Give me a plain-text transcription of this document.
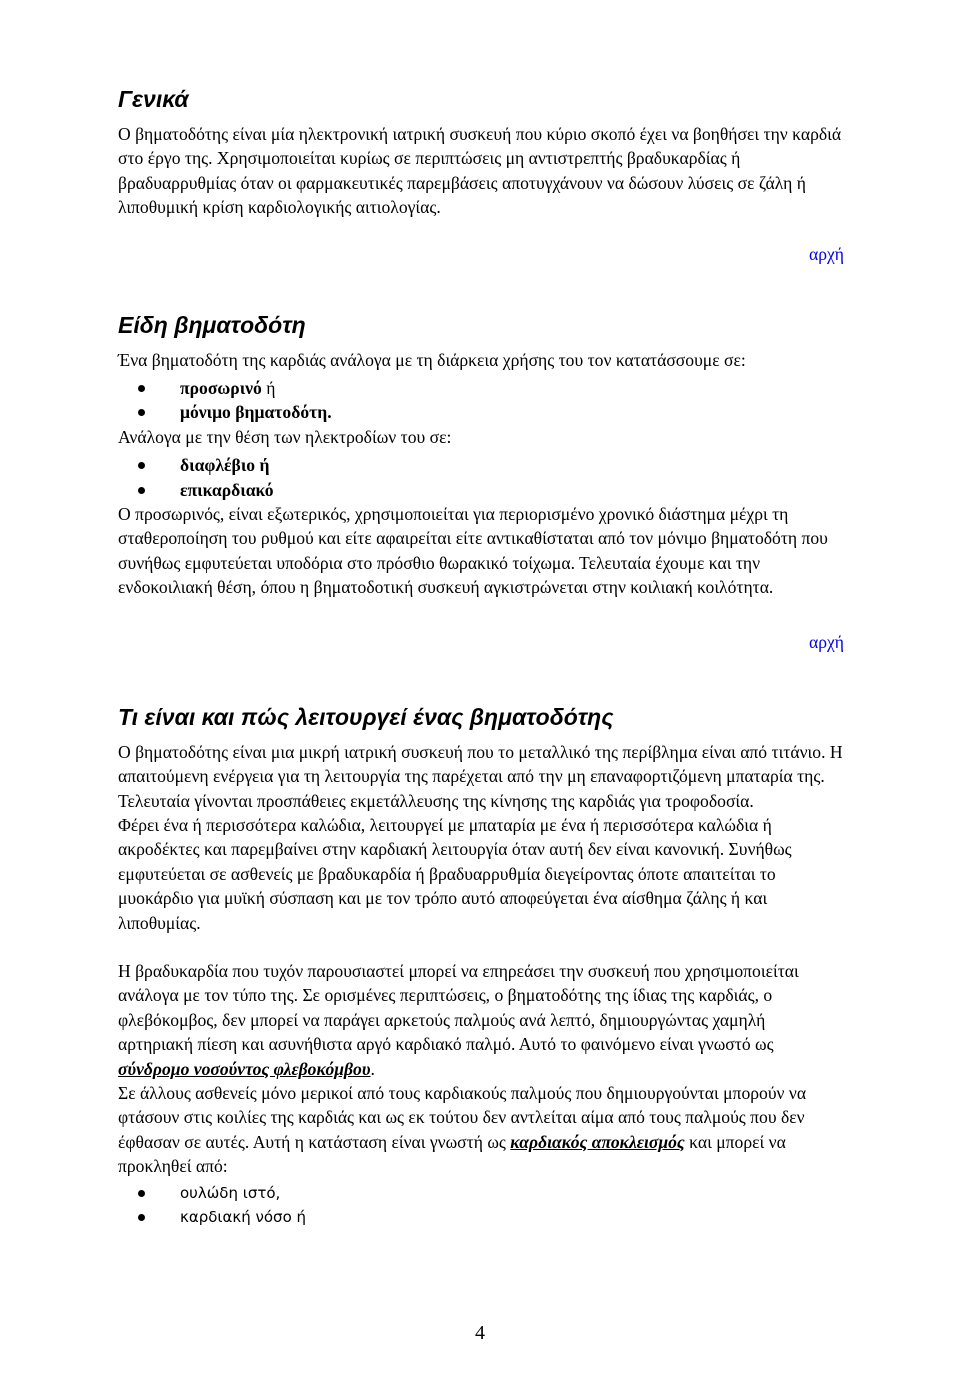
Γενικά

Ο βηματοδότης είναι μία ηλεκτρονική ιατρική συσκευή που κύριο σκοπό έχει να βοηθήσει την καρδιά στο έργο της. Χρησιμοποιείται κυρίως σε περιπτώσεις μη αντιστρεπτής βραδυκαρδίας ή βραδυαρρυθμίας όταν οι φαρμακευτικές παρεμβάσεις αποτυγχάνουν να δώσουν λύσεις σε ζάλη ή λιποθυμική κρίση καρδιολογικής αιτιολογίας.

αρχή
Είδη βηματοδότη

Ένα βηματοδότη της καρδιάς ανάλογα με τη διάρκεια χρήσης του τον κατατάσσουμε σε:

προσωρινό ή
μόνιμο βηματοδότη.

Ανάλογα με την θέση των ηλεκτροδίων του σε:

διαφλέβιο ή
επικαρδιακό

Ο προσωρινός, είναι εξωτερικός, χρησιμοποιείται για περιορισμένο χρονικό διάστημα μέχρι τη σταθεροποίηση του ρυθμού και είτε αφαιρείται είτε αντικαθίσταται από τον μόνιμο βηματοδότη που συνήθως εμφυτεύεται υποδόρια στο πρόσθιο θωρακικό τοίχωμα. Τελευταία έχουμε και την ενδοκοιλιακή θέση, όπου η βηματοδοτική συσκευή αγκιστρώνεται στην κοιλιακή κοιλότητα.

αρχή
Τι είναι και πώς λειτουργεί ένας βηματοδότης

Ο βηματοδότης είναι μια μικρή ιατρική συσκευή που το μεταλλικό της περίβλημα είναι από τιτάνιο. Η απαιτούμενη ενέργεια για τη λειτουργία της παρέχεται από την μη επαναφορτιζόμενη μπαταρία της. Τελευταία γίνονται προσπάθειες εκμετάλλευσης της κίνησης της καρδιάς για τροφοδοσία.

Φέρει ένα ή περισσότερα καλώδια, λειτουργεί με μπαταρία με ένα ή περισσότερα καλώδια ή ακροδέκτες και παρεμβαίνει στην καρδιακή λειτουργία όταν αυτή δεν είναι κανονική. Συνήθως εμφυτεύεται σε ασθενείς με βραδυκαρδία ή βραδυαρρυθμία διεγείροντας όποτε απαιτείται το μυοκάρδιο για μυϊκή σύσπαση και με τον τρόπο αυτό αποφεύγεται ένα αίσθημα ζάλης ή και λιποθυμίας.

Η βραδυκαρδία που τυχόν παρουσιαστεί μπορεί να επηρεάσει την συσκευή που χρησιμοποιείται ανάλογα με τον τύπο της. Σε ορισμένες περιπτώσεις, ο βηματοδότης της ίδιας της καρδιάς, ο φλεβόκομβος, δεν μπορεί να παράγει αρκετούς παλμούς ανά λεπτό, δημιουργώντας χαμηλή αρτηριακή πίεση και ασυνήθιστα αργό καρδιακό παλμό. Αυτό το φαινόμενο είναι γνωστό ως σύνδρομο νοσούντος φλεβοκόμβου.

Σε άλλους ασθενείς μόνο μερικοί από τους καρδιακούς παλμούς που δημιουργούνται μπορούν να φτάσουν στις κοιλίες της καρδιάς και ως εκ τούτου δεν αντλείται αίμα από τους παλμούς που δεν έφθασαν σε αυτές. Αυτή η κατάσταση είναι γνωστή ως καρδιακός αποκλεισμός και μπορεί να προκληθεί από:

ουλώδη ιστό,
καρδιακή νόσο ή
4
